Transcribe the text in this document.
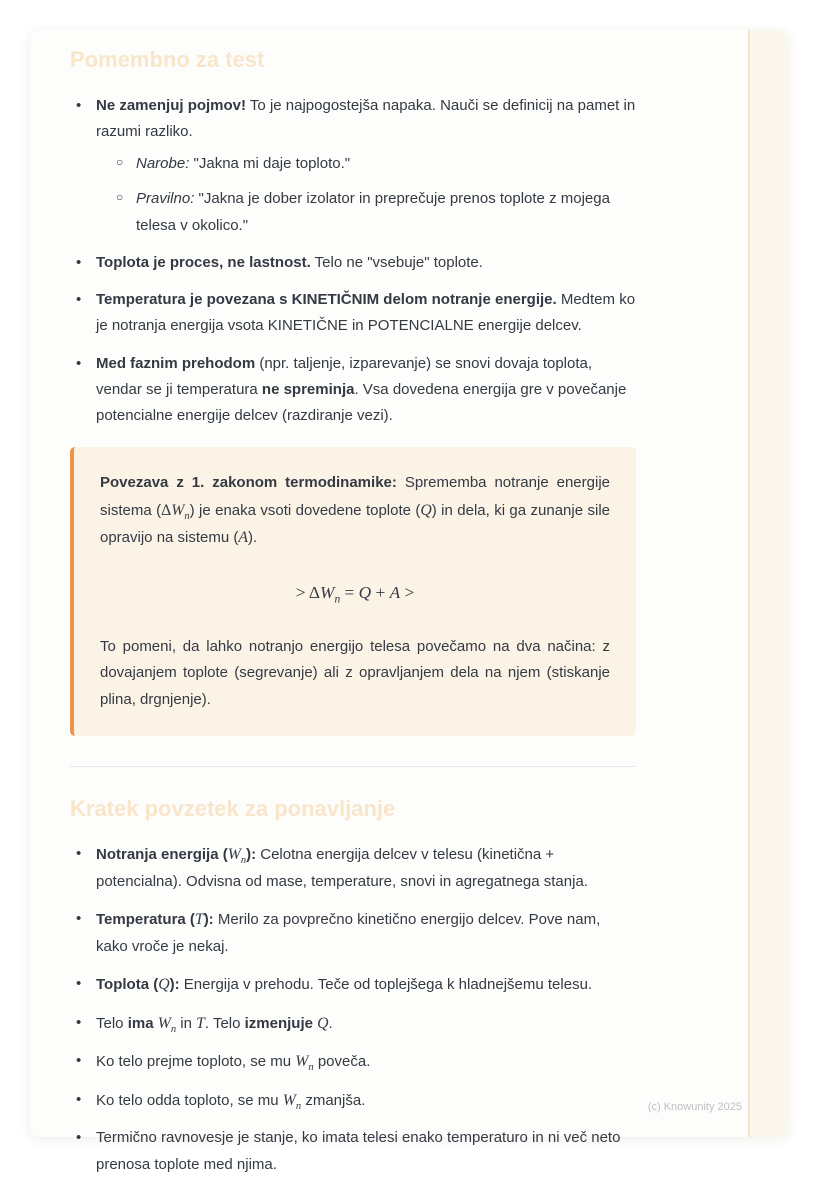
Pomembno za test
• Ne zamenjuj pojmov! To je najpogostejša napaka. Nauči se definicij na pamet in razumi razliko.
○ Narobe: "Jakna mi daje toploto."
○ Pravilno: "Jakna je dober izolator in preprečuje prenos toplote z mojega telesa v okolico."
• Toplota je proces, ne lastnost. Telo ne "vsebuje" toplote.
• Temperatura je povezana s KINETIČNIM delom notranje energije. Medtem ko je notranja energija vsota KINETIČNE in POTENCIALNE energije delcev.
• Med faznim prehodom (npr. taljenje, izparevanje) se snovi dovaja toplota, vendar se ji temperatura ne spreminja. Vsa dovedena energija gre v povečanje potencialne energije delcev (razdiranje vezi).

Povezava z 1. zakonom termodinamike: Sprememba notranje energije sistema $(\Delta W_n)$ je enaka vsoti dovedene toplote (Q) in dela, ki ga zunanje sile opravijo na sistemu (A).

> $\Delta W_n = Q + A$ >

To pomeni, da lahko notranjo energijo telesa povečamo na dva načina: z dovajanjem toplote (segrevanje) ali z opravljanjem dela na njem (stiskanje plina, drgnjenje).

Kratek povzetek za ponavljanje
• Notranja energija $(W_n)$: Celotna energija delcev v telesu (kinetična + potencialna). Odvisna od mase, temperature, snovi in agregatnega stanja.
• Temperatura (T): Merilo za povprečno kinetično energijo delcev. Pove nam, kako vroče je nekaj.
• Toplota (Q): Energija v prehodu. Teče od toplejšega k hladnejšemu telesu.
• Telo ima $W_n$ in T. Telo izmenjuje Q.
• Ko telo prejme toploto, se mu $W_n$ poveča.
• Ko telo odda toploto, se mu $W_n$ zmanjša.
• Termično ravnovesje je stanje, ko imata telesi enako temperaturo in ni več neto prenosa toplote med njima.
(c) Knowunity 2025
